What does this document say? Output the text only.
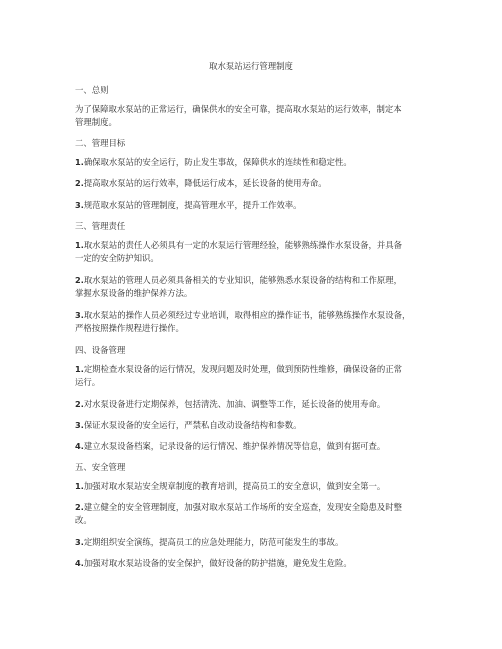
取水泵站运行管理制度
一、总则
为了保障取水泵站的正常运行，确保供水的安全可靠，提高取水泵站的运行效率，制定本
管理制度。
二、管理目标
1.确保取水泵站的安全运行，防止发生事故，保障供水的连续性和稳定性。
2.提高取水泵站的运行效率，降低运行成本，延长设备的使用寿命。
3.规范取水泵站的管理制度，提高管理水平，提升工作效率。
三、管理责任
1.取水泵站的责任人必须具有一定的水泵运行管理经验，能够熟练操作水泵设备，并具备
一定的安全防护知识。
2.取水泵站的管理人员必须具备相关的专业知识，能够熟悉水泵设备的结构和工作原理，
掌握水泵设备的维护保养方法。
3.取水泵站的操作人员必须经过专业培训，取得相应的操作证书，能够熟练操作水泵设备，
严格按照操作规程进行操作。
四、设备管理
1.定期检查水泵设备的运行情况，发现问题及时处理，做到预防性维修，确保设备的正常
运行。
2.对水泵设备进行定期保养，包括清洗、加油、调整等工作，延长设备的使用寿命。
3.保证水泵设备的安全运行，严禁私自改动设备结构和参数。
4.建立水泵设备档案，记录设备的运行情况、维护保养情况等信息，做到有据可查。
五、安全管理
1.加强对取水泵站安全规章制度的教育培训，提高员工的安全意识，做到安全第一。
2.建立健全的安全管理制度，加强对取水泵站工作场所的安全巡查，发现安全隐患及时整
改。
3.定期组织安全演练，提高员工的应急处理能力，防范可能发生的事故。
4.加强对取水泵站设备的安全保护，做好设备的防护措施，避免发生危险。
